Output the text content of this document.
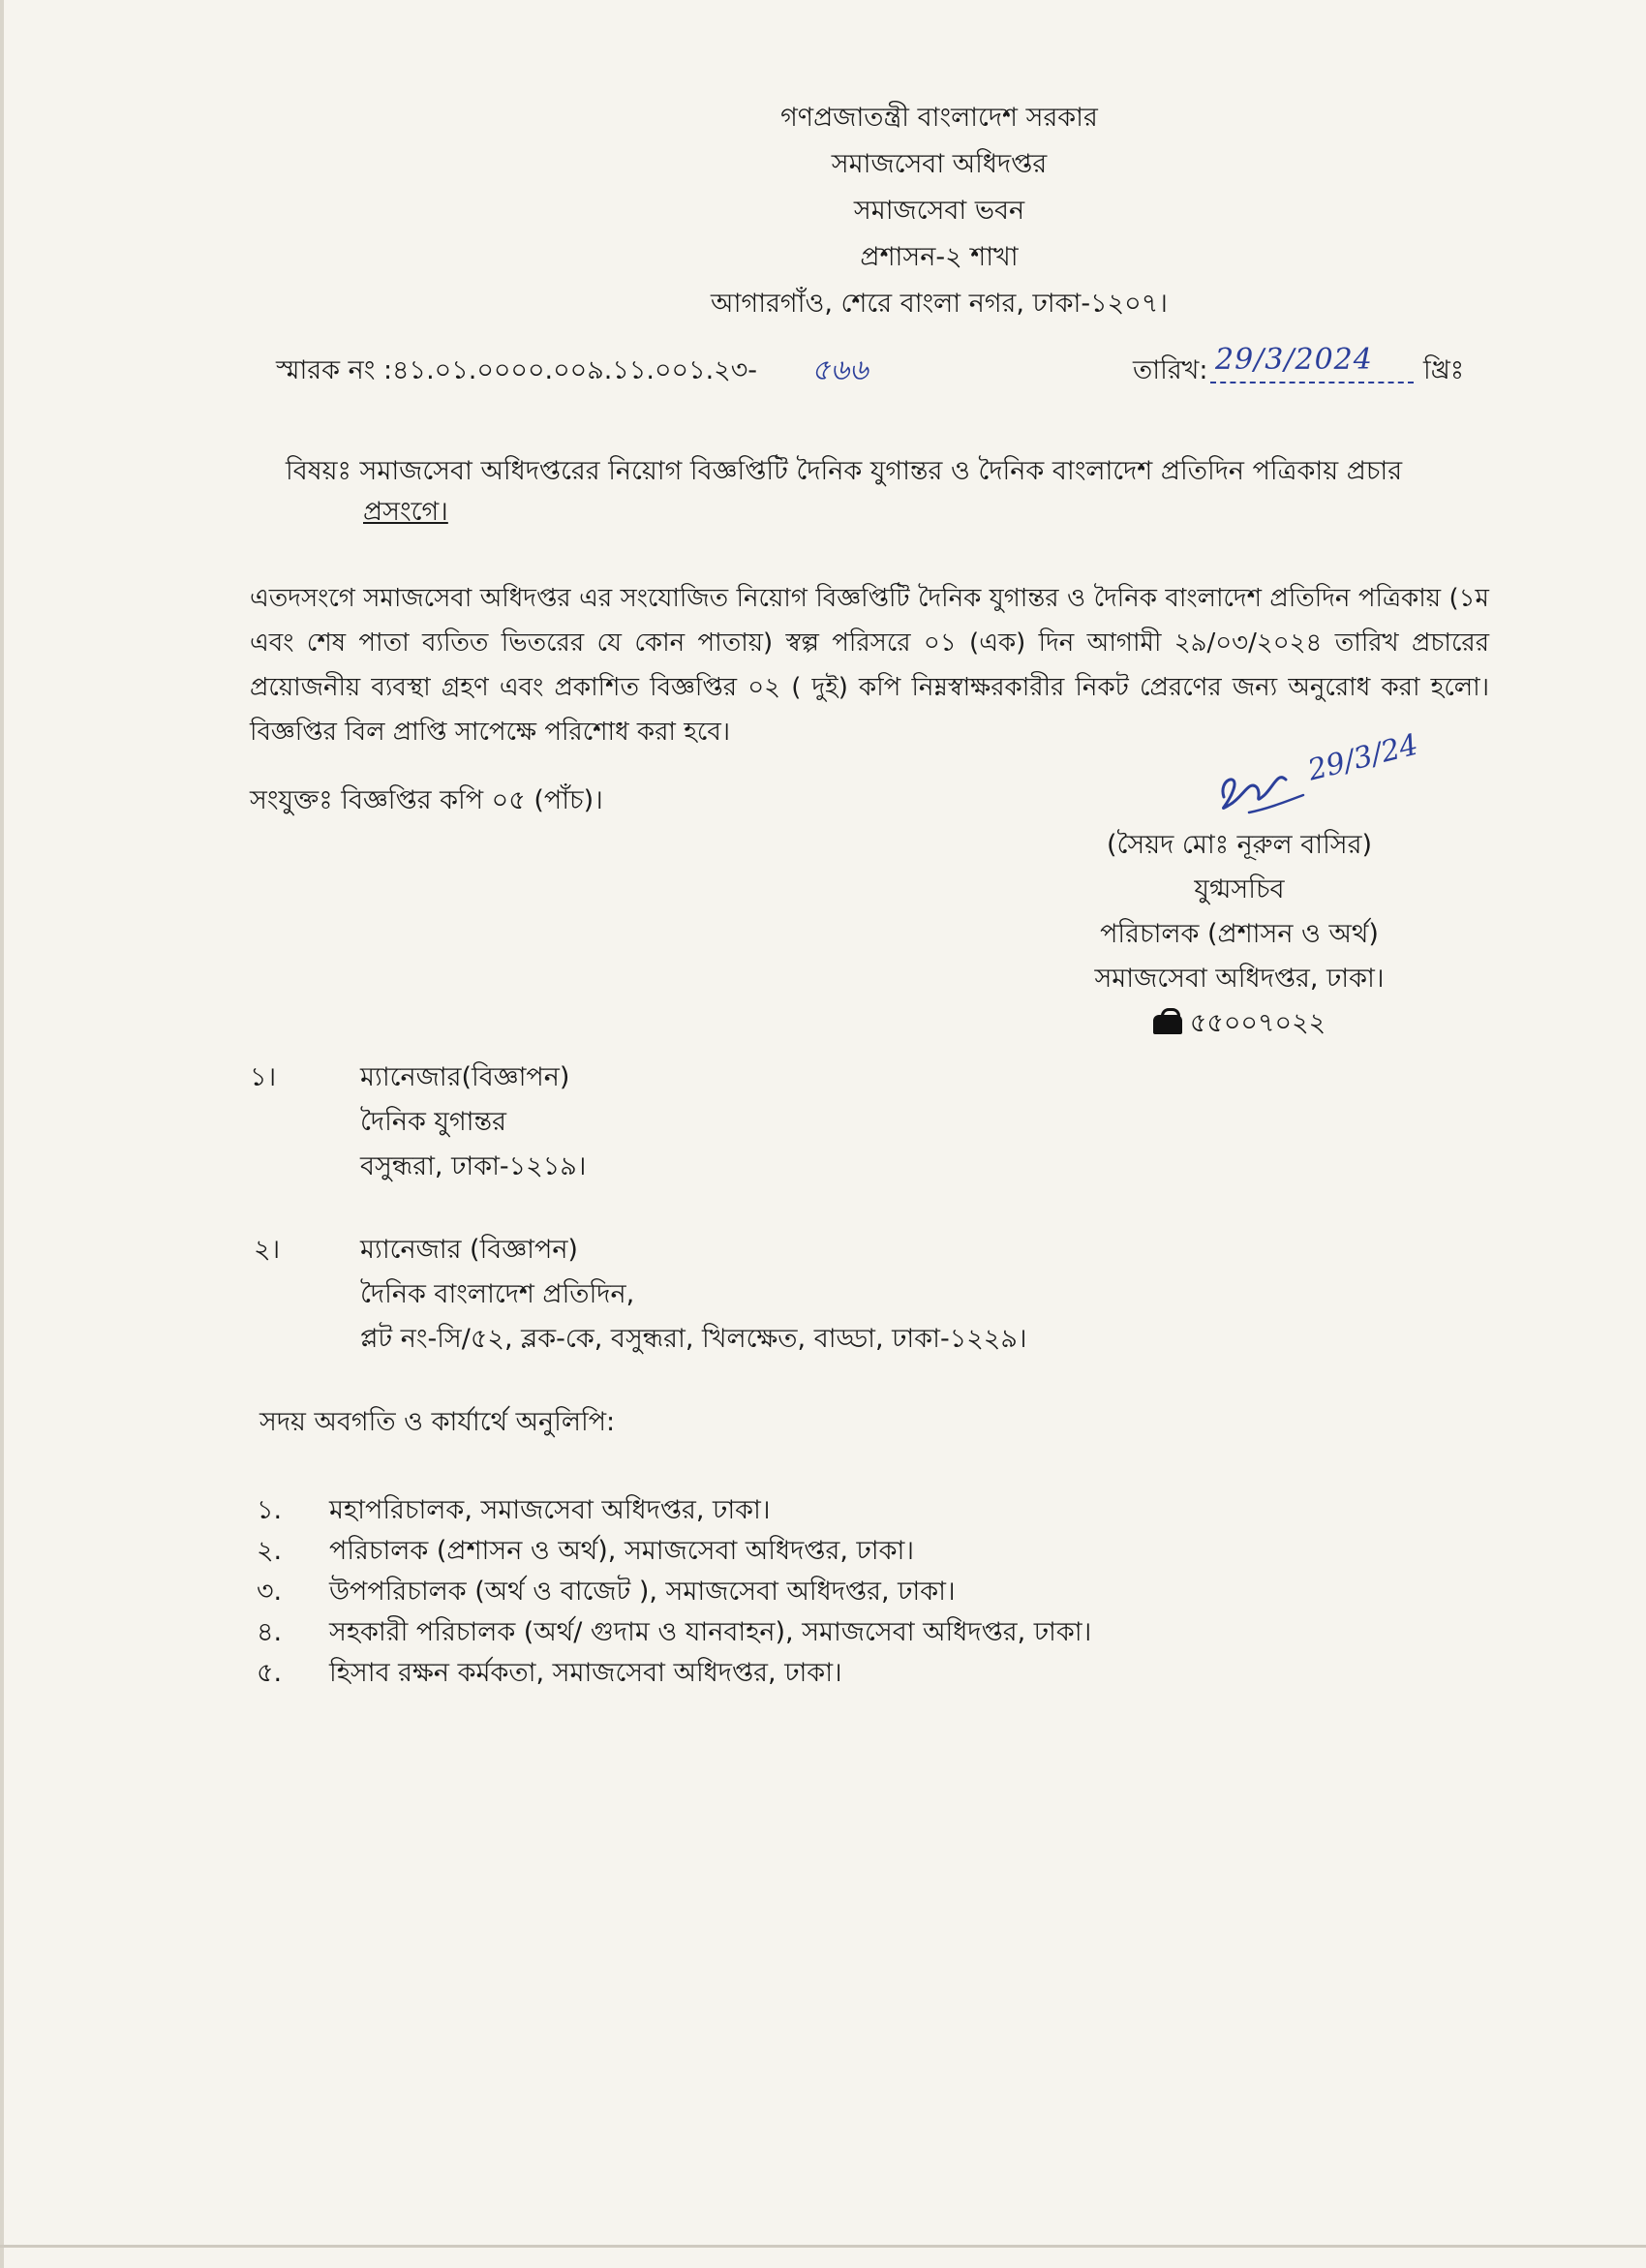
গণপ্রজাতন্ত্রী বাংলাদেশ সরকার
সমাজসেবা অধিদপ্তর
সমাজসেবা ভবন
প্রশাসন-২ শাখা
আগারগাঁও, শেরে বাংলা নগর, ঢাকা-১২০৭।
স্মারক নং :৪১.০১.০০০০.০০৯.১১.০০১.২৩- ৫৬৬	তারিখ: 29/3/2024 খ্রিঃ
বিষয়ঃ সমাজসেবা অধিদপ্তরের নিয়োগ বিজ্ঞপ্তিটি দৈনিক যুগান্তর ও দৈনিক বাংলাদেশ প্রতিদিন পত্রিকায় প্রচার
প্রসংগে।
এতদসংগে সমাজসেবা অধিদপ্তর এর সংযোজিত নিয়োগ বিজ্ঞপ্তিটি দৈনিক যুগান্তর ও দৈনিক বাংলাদেশ প্রতিদিন পত্রিকায় (১ম এবং শেষ পাতা ব্যতিত ভিতরের যে কোন পাতায়) স্বল্প পরিসরে ০১ (এক) দিন আগামী ২৯/০৩/২০২৪ তারিখ প্রচারের প্রয়োজনীয় ব্যবস্থা গ্রহণ এবং প্রকাশিত বিজ্ঞপ্তির ০২ ( দুই) কপি নিম্নস্বাক্ষরকারীর নিকট প্রেরণের জন্য অনুরোধ করা হলো। বিজ্ঞপ্তির বিল প্রাপ্তি সাপেক্ষে পরিশোধ করা হবে।
সংযুক্তঃ বিজ্ঞপ্তির কপি ০৫ (পাঁচ)।
29/3/24
(সৈয়দ মোঃ নূরুল বাসির)
যুগ্মসচিব
পরিচালক (প্রশাসন ও অর্থ)
সমাজসেবা অধিদপ্তর, ঢাকা।
৫৫০০৭০২২
১।	ম্যানেজার(বিজ্ঞাপন)
দৈনিক যুগান্তর
বসুন্ধরা, ঢাকা-১২১৯।
২।	ম্যানেজার (বিজ্ঞাপন)
দৈনিক বাংলাদেশ প্রতিদিন,
প্লট নং-সি/৫২, ব্লক-কে, বসুন্ধরা, খিলক্ষেত, বাড্ডা, ঢাকা-১২২৯।
সদয় অবগতি ও কার্যার্থে অনুলিপি:
১. মহাপরিচালক, সমাজসেবা অধিদপ্তর, ঢাকা।
২. পরিচালক (প্রশাসন ও অর্থ), সমাজসেবা অধিদপ্তর, ঢাকা।
৩. উপপরিচালক (অর্থ ও বাজেট ), সমাজসেবা অধিদপ্তর, ঢাকা।
৪. সহকারী পরিচালক (অর্থ/ গুদাম ও যানবাহন), সমাজসেবা অধিদপ্তর, ঢাকা।
৫. হিসাব রক্ষন কর্মকতা, সমাজসেবা অধিদপ্তর, ঢাকা।
